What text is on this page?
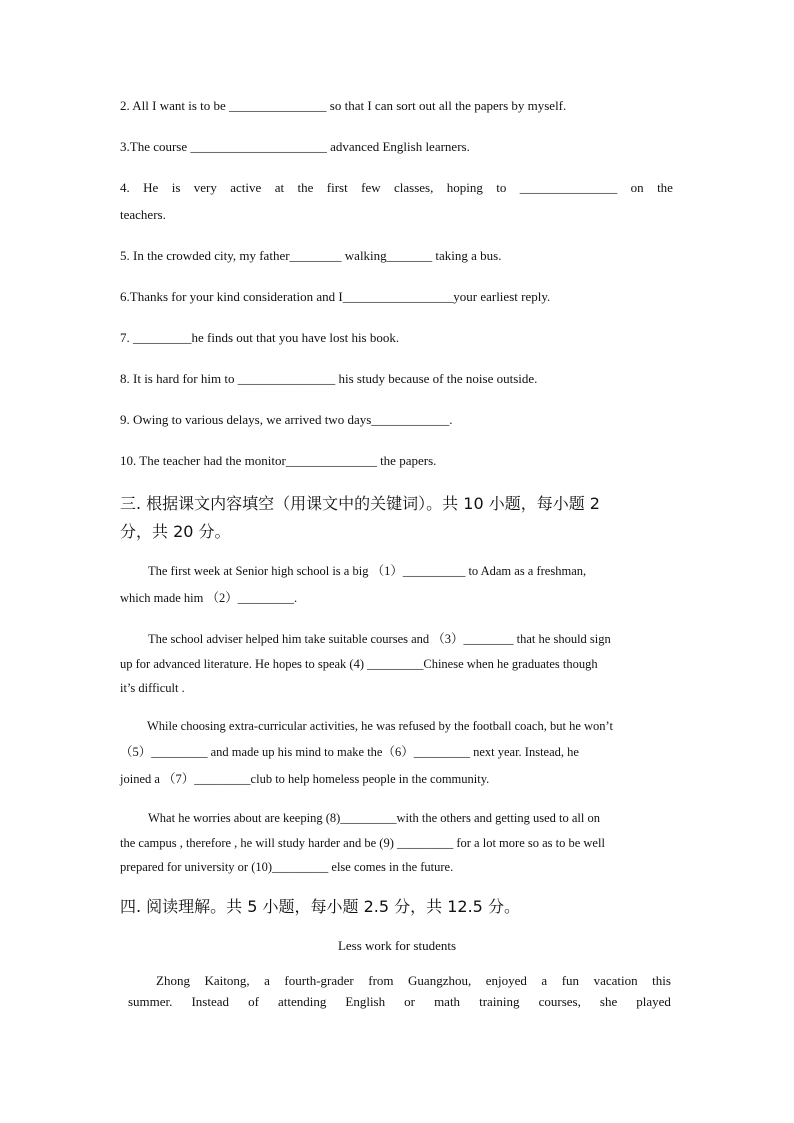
2. All I want is to be _______________ so that I can sort out all the papers by myself.
3.The course _____________________ advanced English learners.
4. He is very active at the first few classes, hoping to _______________ on the
teachers.
5. In the crowded city, my father________ walking_______ taking a bus.
6.Thanks for your kind consideration and I_________________your earliest reply.
7. _________he finds out that you have lost his book.
8. It is hard for him to _______________ his study because of the noise outside.
9. Owing to various delays, we arrived two days____________.
10. The teacher had the monitor______________ the papers.
三. 根据课文内容填空（用课文中的关键词）。共 10 小题，每小题 2
分，共 20 分。
The first week at Senior high school is a big （1）__________ to Adam as a freshman,
which made him （2）_________.
The school adviser helped him take suitable courses and （3）________ that he should sign
up for advanced literature. He hopes to speak (4) _________Chinese when he graduates though
it’s difficult .
While choosing extra-curricular activities, he was refused by the football coach, but he won’t
（5）_________ and made up his mind to make the（6）_________ next year. Instead, he
joined a （7）_________club to help homeless people in the community.
What he worries about are keeping (8)_________with the others and getting used to all on
the campus , therefore , he will study harder and be (9) _________ for a lot more so as to be well
prepared for university or (10)_________ else comes in the future.
四. 阅读理解。共 5 小题，每小题 2.5 分，共 12.5 分。
Less work for students
Zhong Kaitong, a fourth-grader from Guangzhou, enjoyed a fun vacation this
summer. Instead of attending English or math training courses, she played
